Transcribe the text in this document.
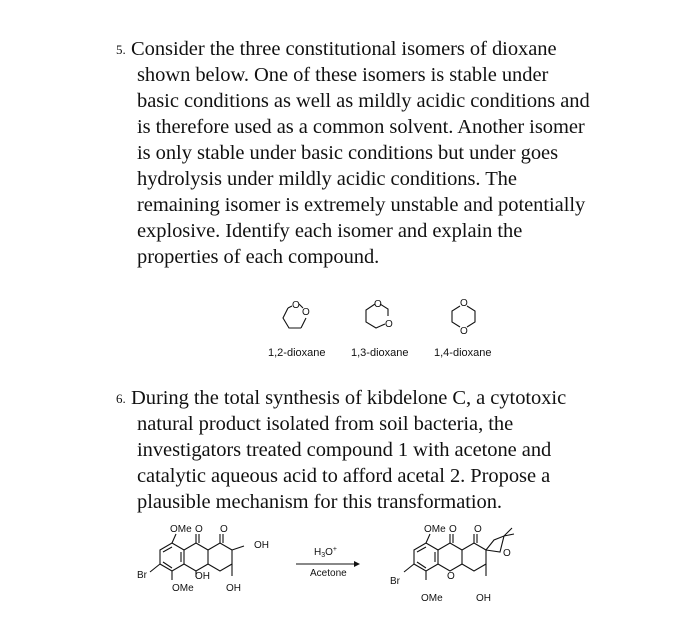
5. Consider the three constitutional isomers of dioxane
shown below. One of these isomers is stable under
basic conditions as well as mildly acidic conditions and
is therefore used as a common solvent. Another isomer
is only stable under basic conditions but under goes
hydrolysis under mildly acidic conditions. The
remaining isomer is extremely unstable and potentially
explosive. Identify each isomer and explain the
properties of each compound.
O
O
O
O
O
O
1,2-dioxane 1,3-dioxane 1,4-dioxane
6. During the total synthesis of kibdelone C, a cytotoxic
natural product isolated from soil bacteria, the
investigators treated compound 1 with acetone and
catalytic aqueous acid to afford acetal 2. Propose a
plausible mechanism for this transformation.
OMe O O
OH
Br	OH
OMe	OH
$H_3O^+$
Acetone
OMe O O
O
O
Br
OMe	OH
